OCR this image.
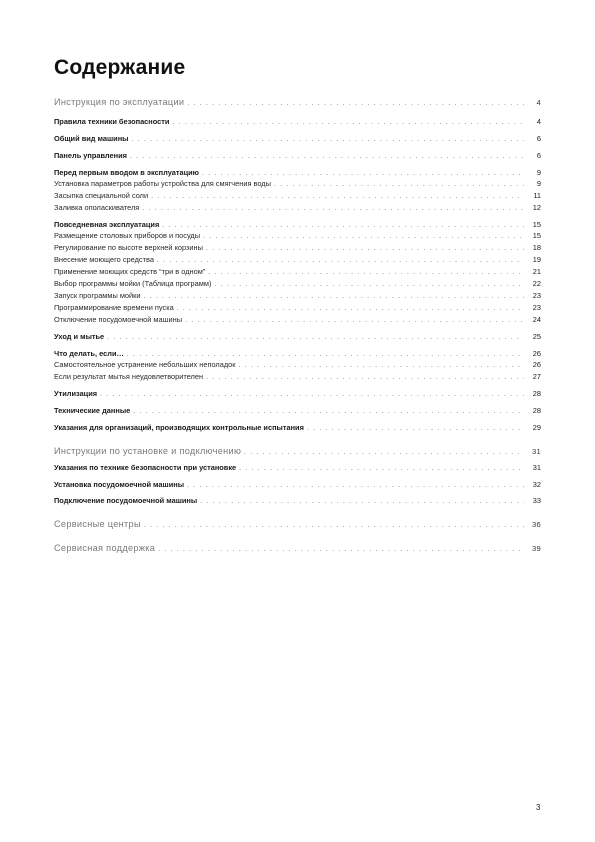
Содержание
Инструкция по эксплуатации . . .	4
Правила техники безопасности . . .	4
Общий вид машины . . .	6
Панель управления . . .	6
Перед первым вводом в эксплуатацию . . .	9
Установка параметров работы устройства для смягчения воды . . .	9
Засыпка специальной соли . . .	11
Заливка ополаскивателя . . .	12
Повседневная эксплуатация . . .	15
Размещение столовых приборов и посуды . . .	15
Регулирование по высоте верхней корзины . . .	18
Внесение моющего средства . . .	19
Применение моющих средств “три в одном” . . .	21
Выбор программы мойки (Таблица программ) . . .	22
Запуск программы мойки . . .	23
Программирование времени пуска . . .	23
Отключение посудомоечной машины . . .	24
Уход и мытье . . .	25
Что делать, если… . . .	26
Самостоятельное устранение небольших неполадок . . .	26
Если результат мытья неудовлетворителен . . .	27
Утилизация . . .	28
Технические данные . . .	28
Указания для организаций, производящих контрольные испытания . . .	29
Инструкции по установке и подключению . . .	31
Указания по технике безопасности при установке . . .	31
Установка посудомоечной машины . . .	32
Подключение посудомоечной машины . . .	33
Сервисные центры . . .	36
Сервисная поддержка . . .	39
3
